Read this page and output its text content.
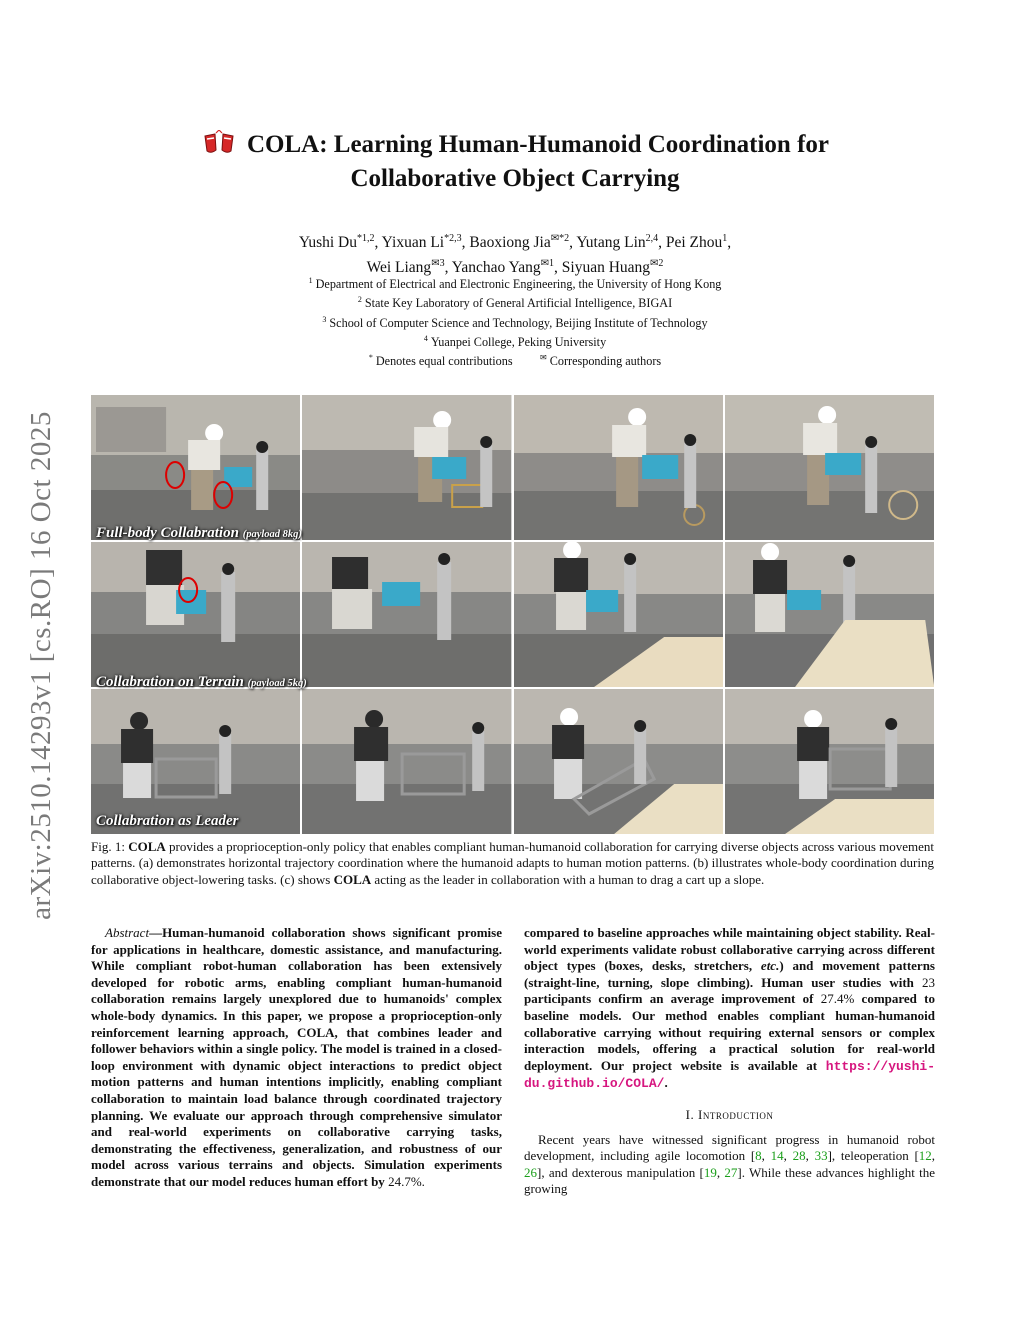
arXiv:2510.14293v1 [cs.RO] 16 Oct 2025
COLA: Learning Human-Humanoid Coordination for
Collaborative Object Carrying
Yushi Du$^{*1,2}$, Yixuan Li$^{*2,3}$, Baoxiong Jia$^{✉*2}$, Yutang Lin$^{2,4}$, Pei Zhou$^1$,
Wei Liang$^{✉3}$, Yanchao Yang$^{✉1}$, Siyuan Huang$^{✉2}$
$^1$ Department of Electrical and Electronic Engineering, the University of Hong Kong
$^2$ State Key Laboratory of General Artificial Intelligence, BIGAI
$^3$ School of Computer Science and Technology, Beijing Institute of Technology
$^4$ Yuanpei College, Peking University
* Denotes equal contributions	✉ Corresponding authors
Full-body Collabration (payload 8kg)
Collabration on Terrain (payload 5kg)
Collabration as Leader
Fig. 1: COLA provides a proprioception-only policy that enables compliant human-humanoid collaboration for carrying diverse objects across various movement patterns. (a) demonstrates horizontal trajectory coordination where the humanoid adapts to human motion patterns. (b) illustrates whole-body coordination during collaborative object-lowering tasks. (c) shows COLA acting as the leader in collaboration with a human to drag a cart up a slope.

Abstract—Human-humanoid collaboration shows significant promise for applications in healthcare, domestic assistance, and manufacturing. While compliant robot-human collaboration has been extensively developed for robotic arms, enabling compliant human-humanoid collaboration remains largely unexplored due to humanoids' complex whole-body dynamics. In this paper, we propose a proprioception-only reinforcement learning approach, COLA, that combines leader and follower behaviors within a single policy. The model is trained in a closed-loop environment with dynamic object interactions to predict object motion patterns and human intentions implicitly, enabling compliant collaboration to maintain load balance through coordinated trajectory planning. We evaluate our approach through comprehensive simulator and real-world experiments on collaborative carrying tasks, demonstrating the effectiveness, generalization, and robustness of our model across various terrains and objects. Simulation experiments demonstrate that our model reduces human effort by 24.7%.

compared to baseline approaches while maintaining object stability. Real-world experiments validate robust collaborative carrying across different object types (boxes, desks, stretchers, etc.) and movement patterns (straight-line, turning, slope climbing). Human user studies with 23 participants confirm an average improvement of 27.4% compared to baseline models. Our method enables compliant human-humanoid collaborative carrying without requiring external sensors or complex interaction models, offering a practical solution for real-world deployment. Our project website is available at https://yushi-du.github.io/COLA/.

I. Introduction

Recent years have witnessed significant progress in humanoid robot development, including agile locomotion [8, 14, 28, 33], teleoperation [12, 26], and dexterous manipulation [19, 27]. While these advances highlight the growing
